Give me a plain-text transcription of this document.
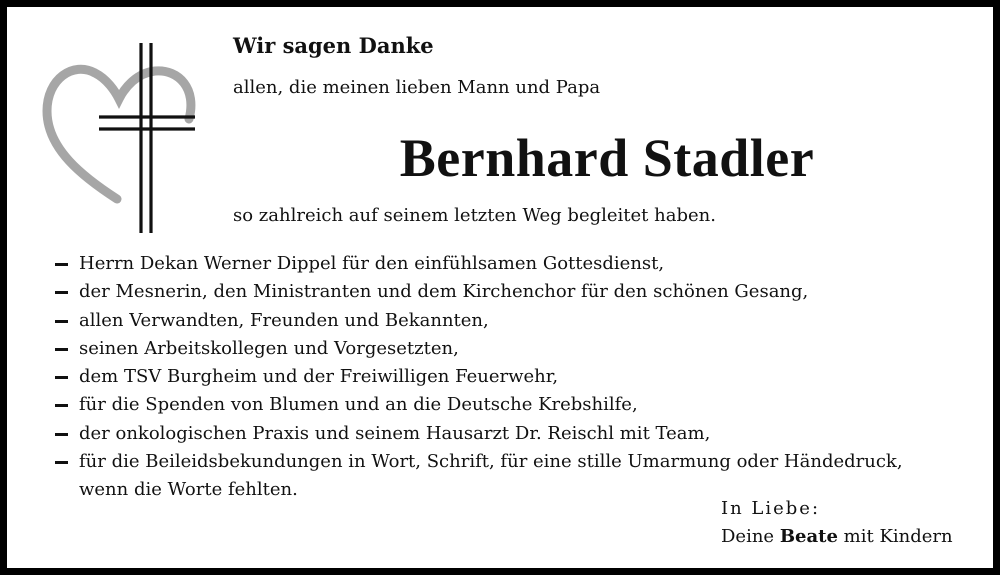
Wir sagen Danke
allen, die meinen lieben Mann und Papa
Bernhard Stadler
so zahlreich auf seinem letzten Weg begleitet haben.
Herrn Dekan Werner Dippel für den einfühlsamen Gottesdienst,
der Mesnerin, den Ministranten und dem Kirchenchor für den schönen Gesang,
allen Verwandten, Freunden und Bekannten,
seinen Arbeitskollegen und Vorgesetzten,
dem TSV Burgheim und der Freiwilligen Feuerwehr,
für die Spenden von Blumen und an die Deutsche Krebshilfe,
der onkologischen Praxis und seinem Hausarzt Dr. Reischl mit Team,
für die Beileidsbekundungen in Wort, Schrift, für eine stille Umarmung oder Händedruck,
wenn die Worte fehlten.
In Liebe:
Deine Beate mit Kindern
